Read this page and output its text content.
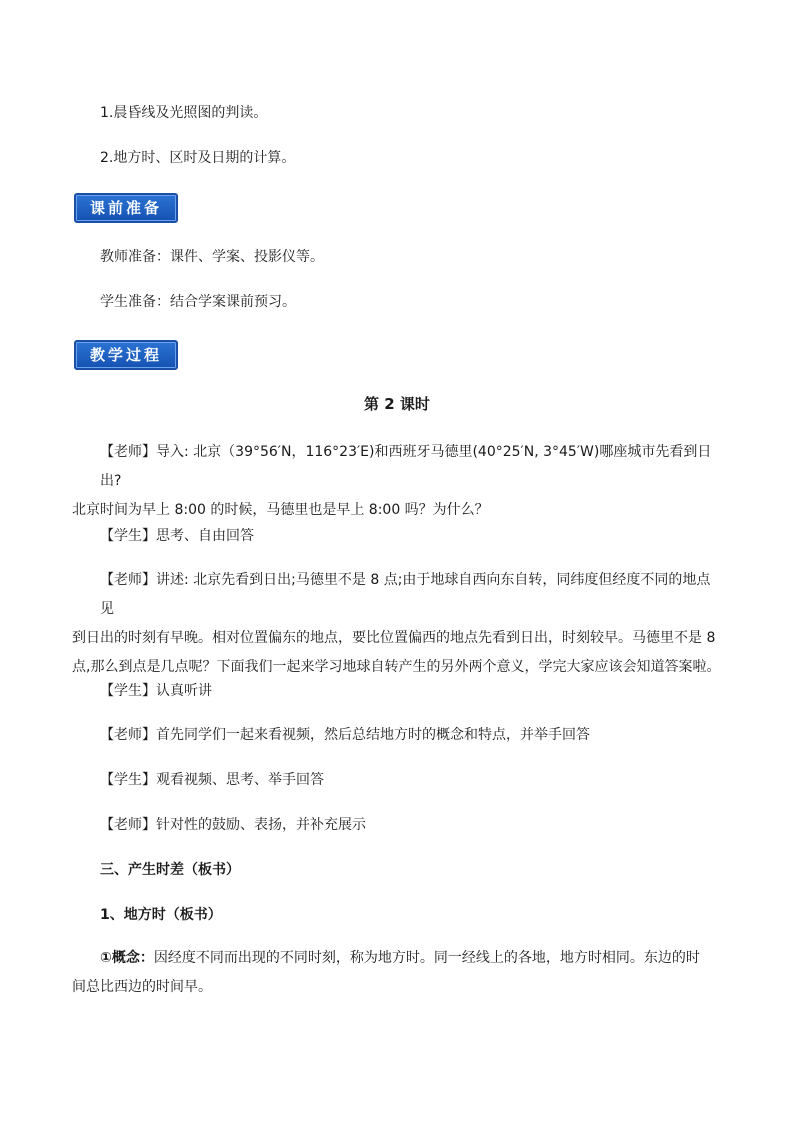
1.晨昏线及光照图的判读。
2.地方时、区时及日期的计算。
课前准备
教师准备：课件、学案、投影仪等。
学生准备：结合学案课前预习。
教学过程
第 2 课时
【老师】导入: 北京（39°56′N，116°23′E)和西班牙马德里(40°25′N, 3°45′W)哪座城市先看到日出?
北京时间为早上 8:00 的时候，马德里也是早上 8:00 吗？为什么？
【学生】思考、自由回答
【老师】讲述: 北京先看到日出;马德里不是 8 点;由于地球自西向东自转，同纬度但经度不同的地点见
到日出的时刻有早晚。相对位置偏东的地点，要比位置偏西的地点先看到日出，时刻较早。马德里不是 8
点,那么到点是几点呢？下面我们一起来学习地球自转产生的另外两个意义，学完大家应该会知道答案啦。
【学生】认真听讲
【老师】首先同学们一起来看视频，然后总结地方时的概念和特点，并举手回答
【学生】观看视频、思考、举手回答
【老师】针对性的鼓励、表扬，并补充展示
三、产生时差（板书）
1、地方时（板书）
①概念：因经度不同而出现的不同时刻，称为地方时。同一经线上的各地，地方时相同。东边的时
间总比西边的时间早。
